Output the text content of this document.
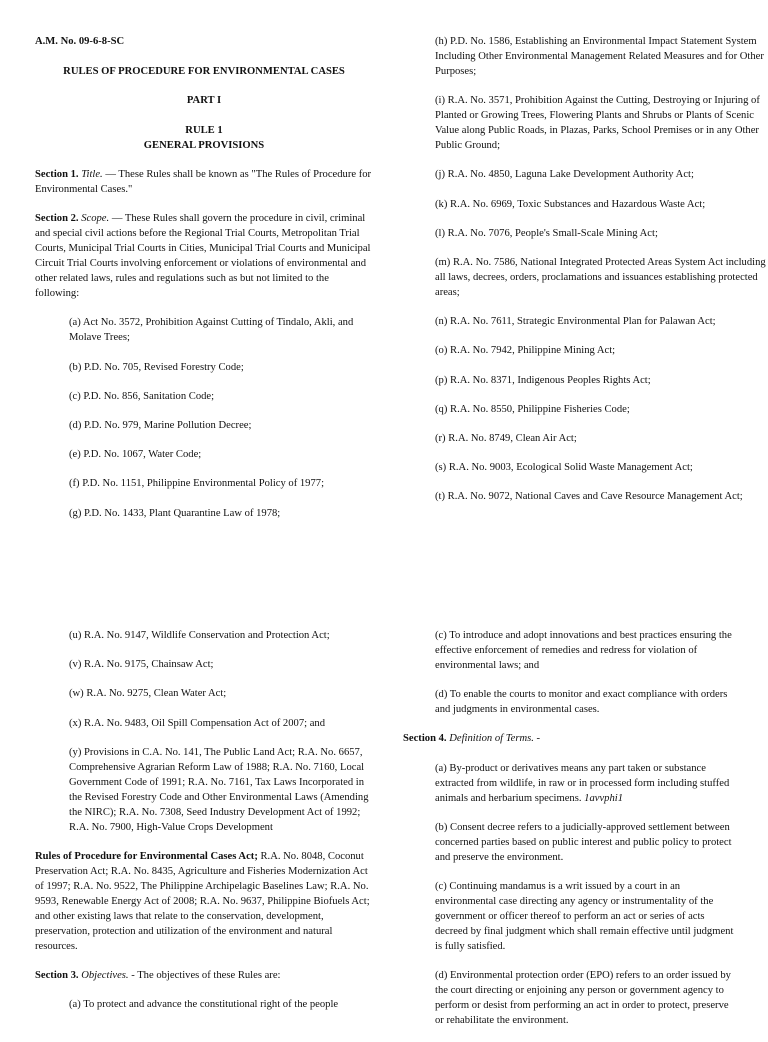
A.M. No. 09-6-8-SC

RULES OF PROCEDURE FOR ENVIRONMENTAL CASES

PART I

RULE 1

GENERAL PROVISIONS

Section 1. Title. — These Rules shall be known as "The Rules of Procedure for Environmental Cases."

Section 2. Scope. — These Rules shall govern the procedure in civil, criminal and special civil actions before the Regional Trial Courts, Metropolitan Trial Courts, Municipal Trial Courts in Cities, Municipal Trial Courts and Municipal Circuit Trial Courts involving enforcement or violations of environmental and other related laws, rules and regulations such as but not limited to the following:

(a) Act No. 3572, Prohibition Against Cutting of Tindalo, Akli, and Molave Trees;

(b) P.D. No. 705, Revised Forestry Code;

(c) P.D. No. 856, Sanitation Code;

(d) P.D. No. 979, Marine Pollution Decree;

(e) P.D. No. 1067, Water Code;

(f) P.D. No. 1151, Philippine Environmental Policy of 1977;

(g) P.D. No. 1433, Plant Quarantine Law of 1978;

(h) P.D. No. 1586, Establishing an Environmental Impact Statement System Including Other Environmental Management Related Measures and for Other Purposes;

(i) R.A. No. 3571, Prohibition Against the Cutting, Destroying or Injuring of Planted or Growing Trees, Flowering Plants and Shrubs or Plants of Scenic Value along Public Roads, in Plazas, Parks, School Premises or in any Other Public Ground;

(j) R.A. No. 4850, Laguna Lake Development Authority Act;

(k) R.A. No. 6969, Toxic Substances and Hazardous Waste Act;

(l) R.A. No. 7076, People's Small-Scale Mining Act;

(m) R.A. No. 7586, National Integrated Protected Areas System Act including all laws, decrees, orders, proclamations and issuances establishing protected areas;

(n) R.A. No. 7611, Strategic Environmental Plan for Palawan Act;

(o) R.A. No. 7942, Philippine Mining Act;

(p) R.A. No. 8371, Indigenous Peoples Rights Act;

(q) R.A. No. 8550, Philippine Fisheries Code;

(r) R.A. No. 8749, Clean Air Act;

(s) R.A. No. 9003, Ecological Solid Waste Management Act;

(t) R.A. No. 9072, National Caves and Cave Resource Management Act;

(u) R.A. No. 9147, Wildlife Conservation and Protection Act;

(v) R.A. No. 9175, Chainsaw Act;

(w) R.A. No. 9275, Clean Water Act;

(x) R.A. No. 9483, Oil Spill Compensation Act of 2007; and

(y) Provisions in C.A. No. 141, The Public Land Act; R.A. No. 6657, Comprehensive Agrarian Reform Law of 1988; R.A. No. 7160, Local Government Code of 1991; R.A. No. 7161, Tax Laws Incorporated in the Revised Forestry Code and Other Environmental Laws (Amending the NIRC); R.A. No. 7308, Seed Industry Development Act of 1992; R.A. No. 7900, High-Value Crops Development

Rules of Procedure for Environmental Cases Act; R.A. No. 8048, Coconut Preservation Act; R.A. No. 8435, Agriculture and Fisheries Modernization Act of 1997; R.A. No. 9522, The Philippine Archipelagic Baselines Law; R.A. No. 9593, Renewable Energy Act of 2008; R.A. No. 9637, Philippine Biofuels Act; and other existing laws that relate to the conservation, development, preservation, protection and utilization of the environment and natural resources.

Section 3. Objectives. - The objectives of these Rules are:

(a) To protect and advance the constitutional right of the people

(c) To introduce and adopt innovations and best practices ensuring the effective enforcement of remedies and redress for violation of environmental laws; and

(d) To enable the courts to monitor and exact compliance with orders and judgments in environmental cases.

Section 4. Definition of Terms. -

(a) By-product or derivatives means any part taken or substance extracted from wildlife, in raw or in processed form including stuffed animals and herbarium specimens. 1avvphi1

(b) Consent decree refers to a judicially-approved settlement between concerned parties based on public interest and public policy to protect and preserve the environment.

(c) Continuing mandamus is a writ issued by a court in an environmental case directing any agency or instrumentality of the government or officer thereof to perform an act or series of acts decreed by final judgment which shall remain effective until judgment is fully satisfied.

(d) Environmental protection order (EPO) refers to an order issued by the court directing or enjoining any person or government agency to perform or desist from performing an act in order to protect, preserve or rehabilitate the environment.
